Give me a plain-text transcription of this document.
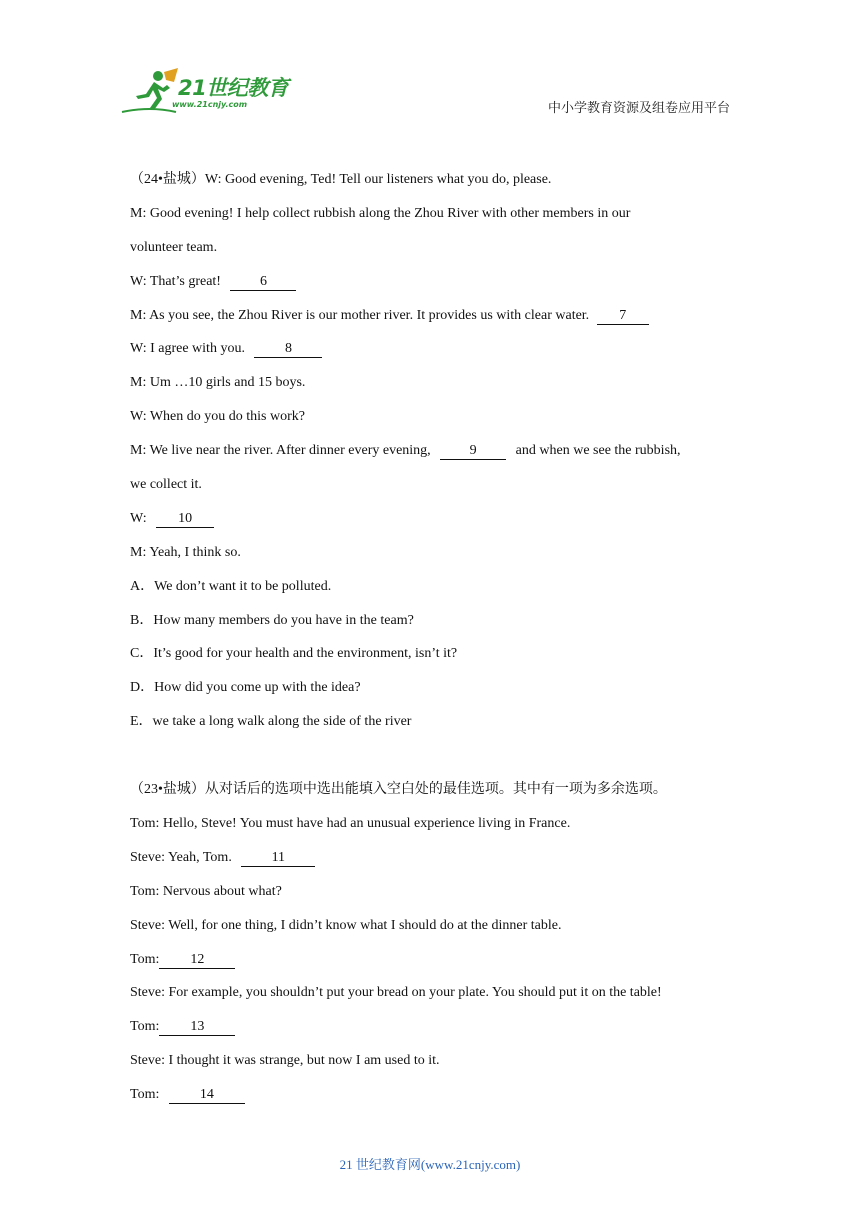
21世纪教育
www.21cnjy.com	中小学教育资源及组卷应用平台

（24•盐城）W: Good evening, Ted! Tell our listeners what you do, please.

M: Good evening! I help collect rubbish along the Zhou River with other members in our

volunteer team.

W: That’s great!	6

M: As you see, the Zhou River is our mother river. It provides us with clear water. 7

W: I agree with you.	8

M: Um …10 girls and 15 boys.

W: When do you do this work?

M: We live near the river. After dinner every evening,	9	and when we see the rubbish,

we collect it.

W: 10

M: Yeah, I think so.

A．We don’t want it to be polluted.

B．How many members do you have in the team?

C．It’s good for your health and the environment, isn’t it?

D．How did you come up with the idea?

E．we take a long walk along the side of the river

（23•盐城）从对话后的选项中选出能填入空白处的最佳选项。其中有一项为多余选项。

Tom: Hello, Steve! You must have had an unusual experience living in France.

Steve: Yeah, Tom.	11

Tom: Nervous about what?

Steve: Well, for one thing, I didn’t know what I should do at the dinner table.

Tom: 12

Steve: For example, you shouldn’t put your bread on your plate. You should put it on the table!

Tom: 13

Steve: I thought it was strange, but now I am used to it.

Tom:	14

21 世纪教育网(www.21cnjy.com)
